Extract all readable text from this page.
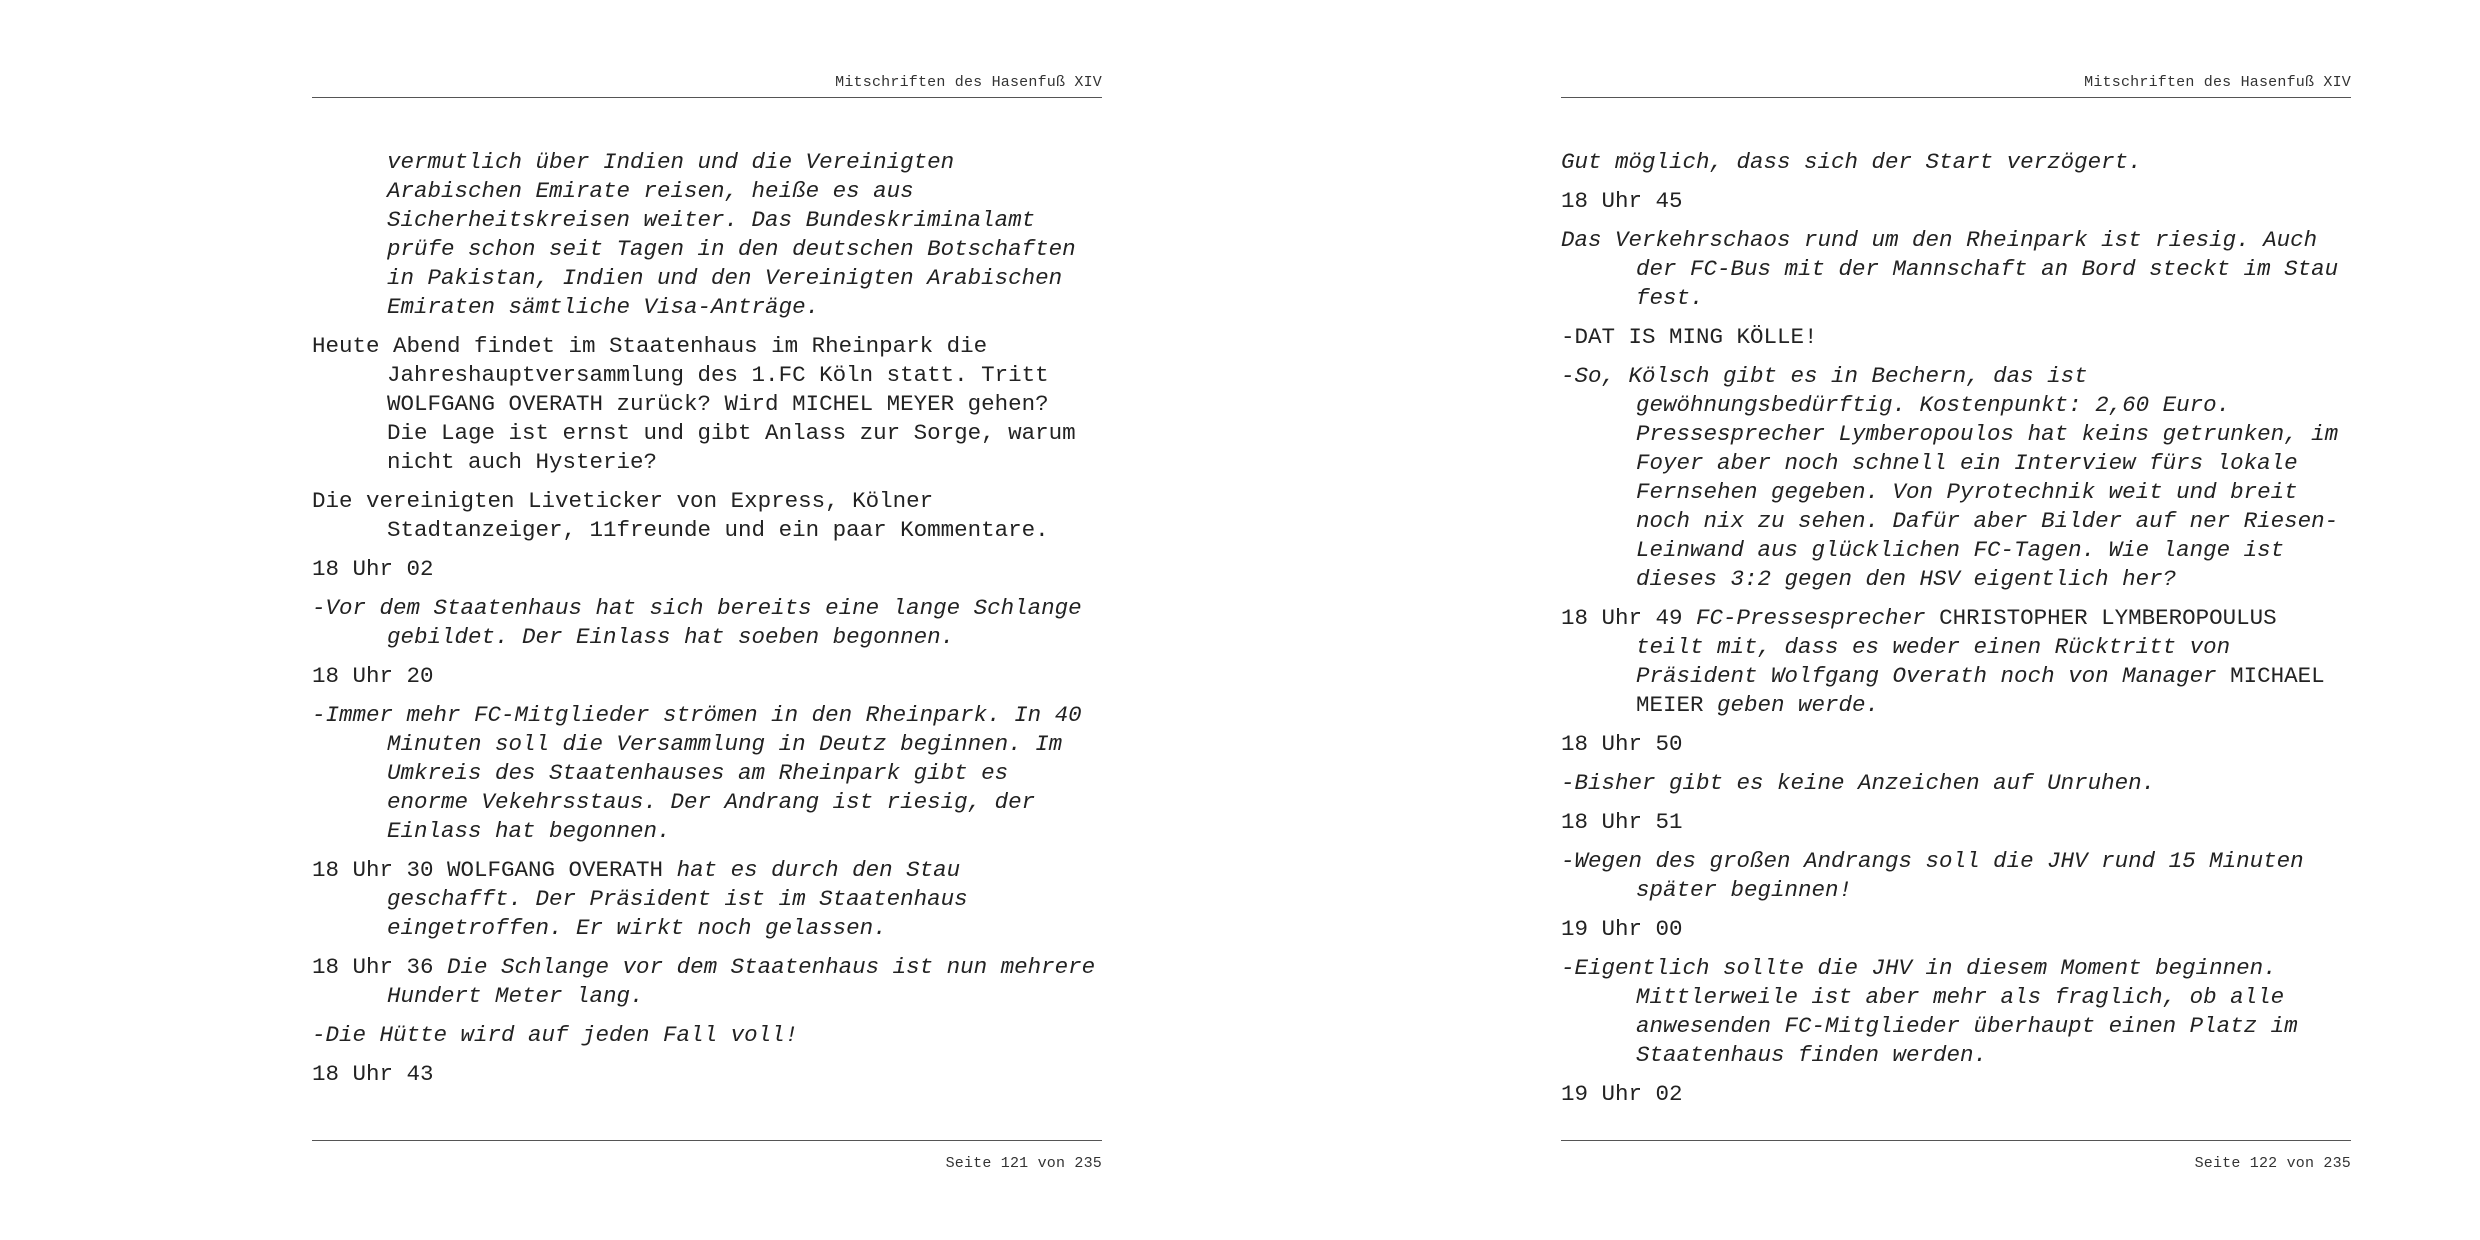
Mitschriften des Hasenfuß XIV

vermutlich über Indien und die Vereinigten Arabischen Emirate reisen, heiße es aus Sicherheitskreisen weiter. Das Bundeskriminalamt prüfe schon seit Tagen in den deutschen Botschaften in Pakistan, Indien und den Vereinigten Arabischen Emiraten sämtliche Visa-Anträge.

Heute Abend findet im Staatenhaus im Rheinpark die Jahreshauptversammlung des 1.FC Köln statt. Tritt WOLFGANG OVERATH zurück? Wird MICHEL MEYER gehen? Die Lage ist ernst und gibt Anlass zur Sorge, warum nicht auch Hysterie?

Die vereinigten Liveticker von Express, Kölner Stadtanzeiger, 11freunde und ein paar Kommentare.

18 Uhr 02

-Vor dem Staatenhaus hat sich bereits eine lange Schlange gebildet. Der Einlass hat soeben begonnen.

18 Uhr 20

-Immer mehr FC-Mitglieder strömen in den Rheinpark. In 40 Minuten soll die Versammlung in Deutz beginnen. Im Umkreis des Staatenhauses am Rheinpark gibt es enorme Vekehrsstaus. Der Andrang ist riesig, der Einlass hat begonnen.

18 Uhr 30 WOLFGANG OVERATH hat es durch den Stau geschafft. Der Präsident ist im Staatenhaus eingetroffen. Er wirkt noch gelassen.

18 Uhr 36 Die Schlange vor dem Staatenhaus ist nun mehrere Hundert Meter lang.

-Die Hütte wird auf jeden Fall voll!

18 Uhr 43

Seite 121 von 235
Mitschriften des Hasenfuß XIV

Gut möglich, dass sich der Start verzögert.

18 Uhr 45

Das Verkehrschaos rund um den Rheinpark ist riesig. Auch der FC-Bus mit der Mannschaft an Bord steckt im Stau fest.

-DAT IS MING KÖLLE!

-So, Kölsch gibt es in Bechern, das ist gewöhnungsbedürftig. Kostenpunkt: 2,60 Euro. Pressesprecher Lymberopoulos hat keins getrunken, im Foyer aber noch schnell ein Interview fürs lokale Fernsehen gegeben. Von Pyrotechnik weit und breit noch nix zu sehen. Dafür aber Bilder auf ner Riesen-Leinwand aus glücklichen FC-Tagen. Wie lange ist dieses 3:2 gegen den HSV eigentlich her?

18 Uhr 49 FC-Pressesprecher CHRISTOPHER LYMBEROPOULUS teilt mit, dass es weder einen Rücktritt von Präsident Wolfgang Overath noch von Manager MICHAEL MEIER geben werde.

18 Uhr 50

-Bisher gibt es keine Anzeichen auf Unruhen.

18 Uhr 51

-Wegen des großen Andrangs soll die JHV rund 15 Minuten später beginnen!

19 Uhr 00

-Eigentlich sollte die JHV in diesem Moment beginnen. Mittlerweile ist aber mehr als fraglich, ob alle anwesenden FC-Mitglieder überhaupt einen Platz im Staatenhaus finden werden.

19 Uhr 02

Seite 122 von 235
